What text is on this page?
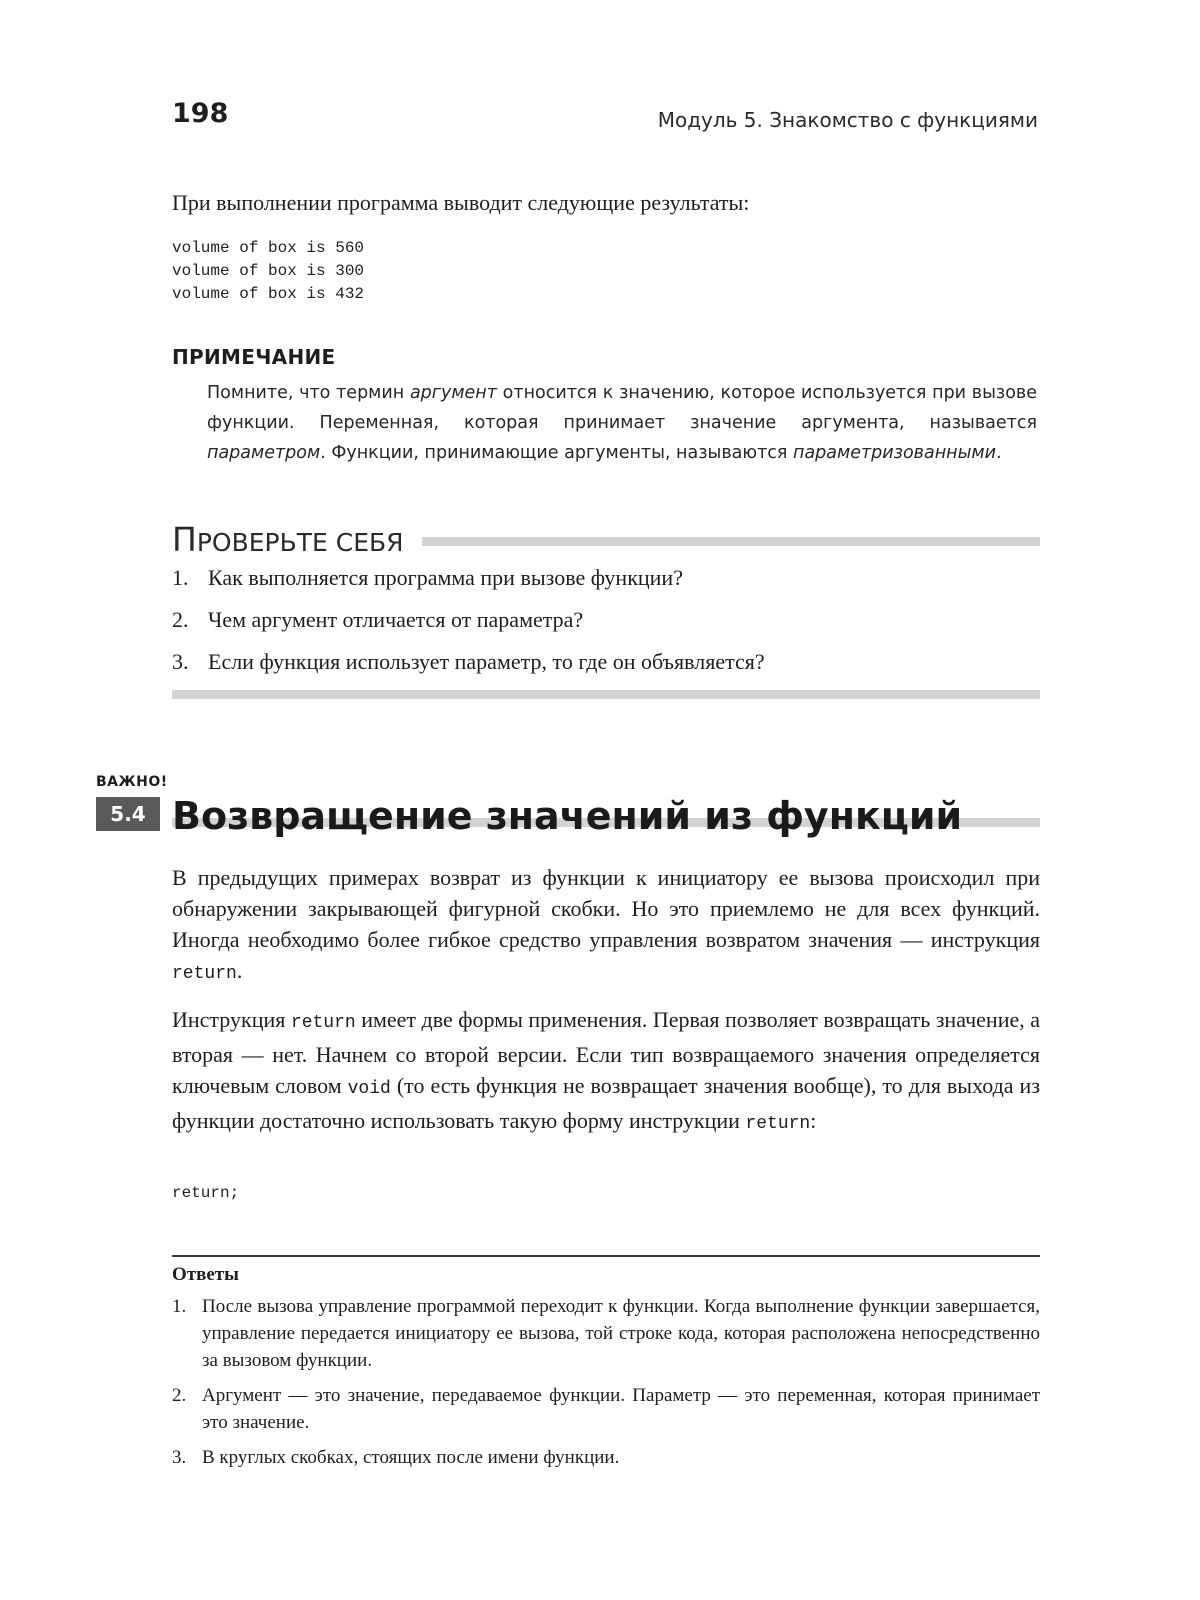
198	Модуль 5. Знакомство с функциями
При выполнении программа выводит следующие результаты:
volume of box is 560
volume of box is 300
volume of box is 432
ПРИМЕЧАНИЕ

Помните, что термин аргумент относится к значению, которое используется при вызове функции. Переменная, которая принимает значение аргумента, называется параметром. Функции, принимающие аргументы, называются параметризованными.

ПРОВЕРЬТЕ СЕБЯ
1. Как выполняется программа при вызове функции?
2. Чем аргумент отличается от параметра?
3. Если функция использует параметр, то где он объявляется?
ВАЖНО!
5.4 Возвращение значений из функций

В предыдущих примерах возврат из функции к инициатору ее вызова происходил при обнаружении закрывающей фигурной скобки. Но это приемлемо не для всех функций. Иногда необходимо более гибкое средство управления возвратом значения — инструкция return.

Инструкция return имеет две формы применения. Первая позволяет возвращать значение, а вторая — нет. Начнем со второй версии. Если тип возвращаемого значения определяется ключевым словом void (то есть функция не возвращает значения вообще), то для выхода из функции достаточно использовать такую форму инструкции return:

return;
Ответы
1. После вызова управление программой переходит к функции. Когда выполнение функции завершается, управление передается инициатору ее вызова, той строке кода, которая расположена непосредственно за вызовом функции.
2. Аргумент — это значение, передаваемое функции. Параметр — это переменная, которая принимает это значение.
3. В круглых скобках, стоящих после имени функции.
